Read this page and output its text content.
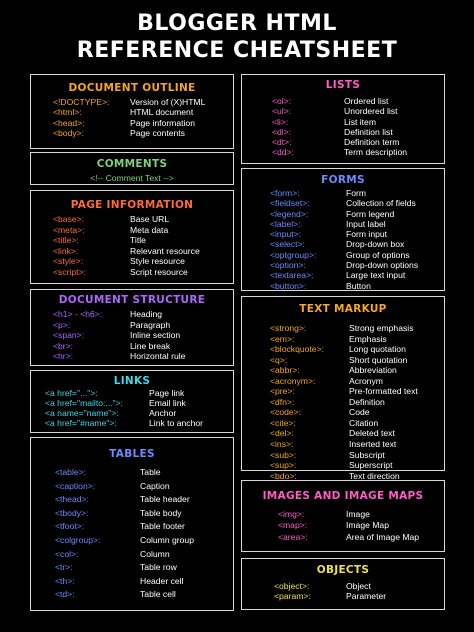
BLOGGER HTML
REFERENCE CHEATSHEET
DOCUMENT OUTLINE
<!DOCTYPE>: Version of (X)HTML
<html>:	HTML document
<head>:	Page information
<body>:	Page contents
COMMENTS
<!-- Comment Text -->
PAGE INFORMATION
<base>:	Base URL
<meta>:	Meta data
<title>:	Title
<link>:	Relevant resource
<style>:	Style resource
<script>:	Script resource
DOCUMENT STRUCTURE
<h1> - <h6>:	Heading
<p>:	Paragraph
<span>:	Inline section
<br>:	Line break
<hr>:	Horizontal rule
LINKS
<a href="...">:	Page link
<a href="mailto:...">:	Email link
<a name="name">:	Anchor
<a href="#name">:	Link to anchor
TABLES
<table>:	Table
<caption>:	Caption
<thead>:	Table header
<tbody>:	Table body
<tfoot>:	Table footer
<colgroup>:	Column group
<col>:	Column
<tr>:	Table row
<th>:	Header cell
<td>:	Table cell
LISTS
<ol>:	Ordered list
<ul>:	Unordered list
<li>:	List item
<dl>:	Definition list
<dt>:	Definition term
<dd>:	Term description
FORMS
<form>:	Form
<fieldset>:	Collection of fields
<legend>:	Form legend
<label>:	Input label
<input>:	Form input
<select>:	Drop-down box
<optgroup>:	Group of options
<option>:	Drop-down options
<textarea>:	Large text input
<button>:	Button
TEXT MARKUP
<strong>:	Strong emphasis
<em>:	Emphasis
<blockquote>:	Long quotation
<q>:	Short quotation
<abbr>:	Abbreviation
<acronym>:	Acronym
<pre>:	Pre-formatted text
<dfn>:	Definition
<code>:	Code
<cite>:	Citation
<del>:	Deleted text
<ins>:	Inserted text
<sub>:	Subscript
<sup>:	Superscript
<bdo>:	Text direction
IMAGES AND IMAGE MAPS
<img>:	Image
<map>:	Image Map
<area>:	Area of Image Map
OBJECTS
<object>:	Object
<param>:	Parameter
